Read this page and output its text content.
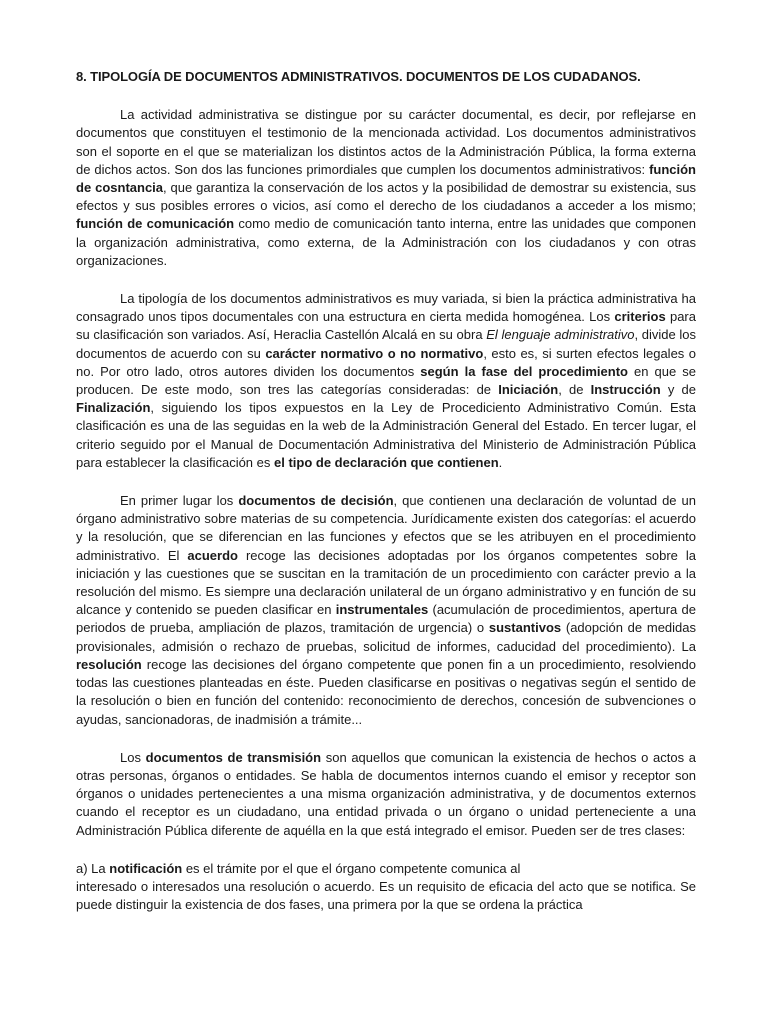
8. TIPOLOGÍA DE DOCUMENTOS ADMINISTRATIVOS. DOCUMENTOS DE LOS CUDADANOS.

La actividad administrativa se distingue por su carácter documental, es decir, por reflejarse en documentos que constituyen el testimonio de la mencionada actividad. Los documentos administrativos son el soporte en el que se materializan los distintos actos de la Administración Pública, la forma externa de dichos actos. Son dos las funciones primordiales que cumplen los documentos administrativos: función de cosntancia, que garantiza la conservación de los actos y la posibilidad de demostrar su existencia, sus efectos y sus posibles errores o vicios, así como el derecho de los ciudadanos a acceder a los mismo; función de comunicación como medio de comunicación tanto interna, entre las unidades que componen la organización administrativa, como externa, de la Administración con los ciudadanos y con otras organizaciones.

La tipología de los documentos administrativos es muy variada, si bien la práctica administrativa ha consagrado unos tipos documentales con una estructura en cierta medida homogénea. Los criterios para su clasificación son variados. Así, Heraclia Castellón Alcalá en su obra El lenguaje administrativo, divide los documentos de acuerdo con su carácter normativo o no normativo, esto es, si surten efectos legales o no. Por otro lado, otros autores dividen los documentos según la fase del procedimiento en que se producen. De este modo, son tres las categorías consideradas: de Iniciación, de Instrucción y de Finalización, siguiendo los tipos expuestos en la Ley de Procediciento Administrativo Común. Esta clasificación es una de las seguidas en la web de la Administración General del Estado. En tercer lugar, el criterio seguido por el Manual de Documentación Administrativa del Ministerio de Administración Pública para establecer la clasificación es el tipo de declaración que contienen.

En primer lugar los documentos de decisión, que contienen una declaración de voluntad de un órgano administrativo sobre materias de su competencia. Jurídicamente existen dos categorías: el acuerdo y la resolución, que se diferencian en las funciones y efectos que se les atribuyen en el procedimiento administrativo. El acuerdo recoge las decisiones adoptadas por los órganos competentes sobre la iniciación y las cuestiones que se suscitan en la tramitación de un procedimiento con carácter previo a la resolución del mismo. Es siempre una declaración unilateral de un órgano administrativo y en función de su alcance y contenido se pueden clasificar en instrumentales (acumulación de procedimientos, apertura de periodos de prueba, ampliación de plazos, tramitación de urgencia) o sustantivos (adopción de medidas provisionales, admisión o rechazo de pruebas, solicitud de informes, caducidad del procedimiento). La resolución recoge las decisiones del órgano competente que ponen fin a un procedimiento, resolviendo todas las cuestiones planteadas en éste. Pueden clasificarse en positivas o negativas según el sentido de la resolución o bien en función del contenido: reconocimiento de derechos, concesión de subvenciones o ayudas, sancionadoras, de inadmisión a trámite...

Los documentos de transmisión son aquellos que comunican la existencia de hechos o actos a otras personas, órganos o entidades. Se habla de documentos internos cuando el emisor y receptor son órganos o unidades pertenecientes a una misma organización administrativa, y de documentos externos cuando el receptor es un ciudadano, una entidad privada o un órgano o unidad perteneciente a una Administración Pública diferente de aquélla en la que está integrado el emisor. Pueden ser de tres clases:

a) La notificación es el trámite por el que el órgano competente comunica al

interesado o interesados una resolución o acuerdo. Es un requisito de eficacia del acto que se notifica. Se puede distinguir la existencia de dos fases, una primera por la que se ordena la práctica
